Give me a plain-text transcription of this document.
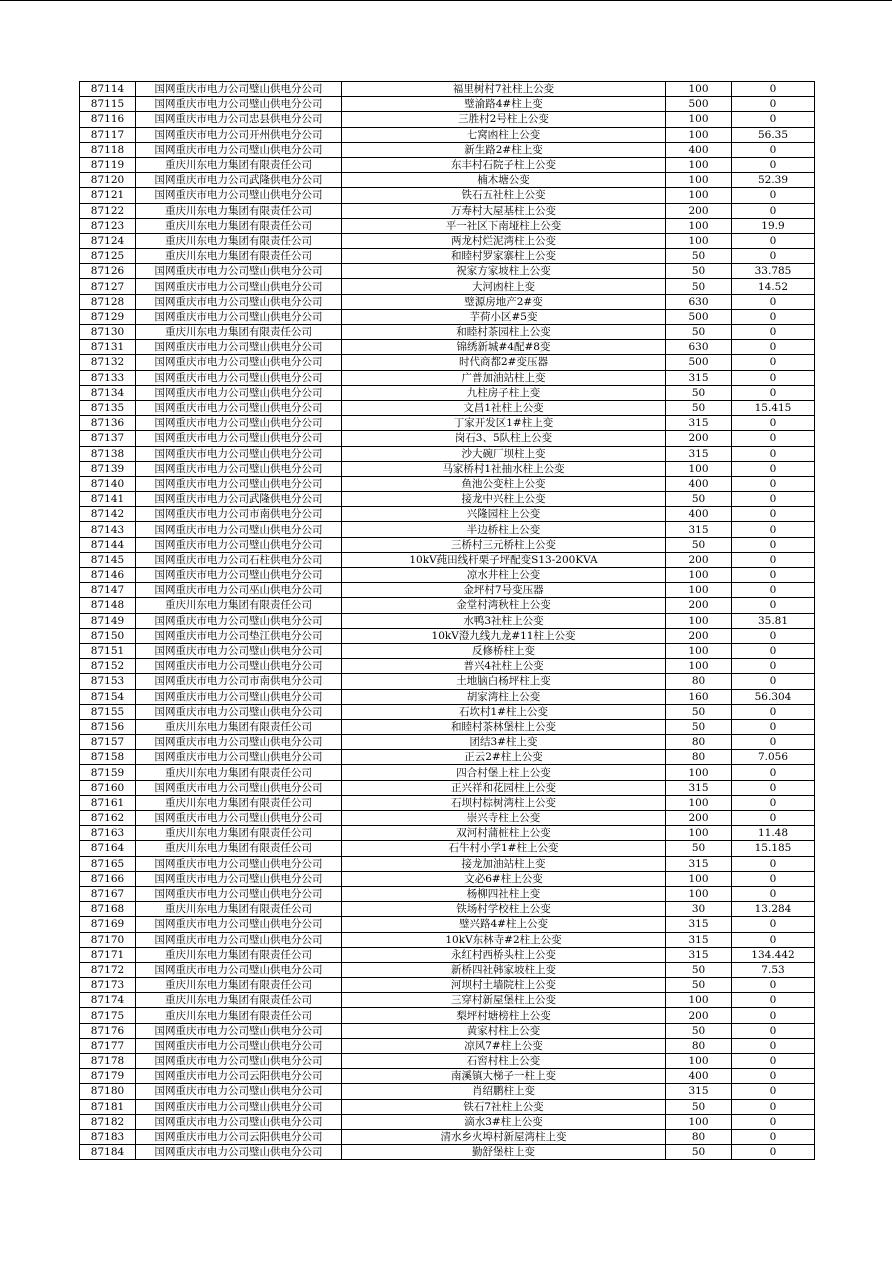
87114	国网重庆市电力公司璧山供电分公司	福里树村7社柱上公变	100	0
87115	国网重庆市电力公司璧山供电分公司	璧渝路4#柱上变	500	0
87116	国网重庆市电力公司忠县供电分公司	三胜村2号柱上公变	100	0
87117	国网重庆市电力公司开州供电分公司	七窝凼柱上公变	100	56.35
87118	国网重庆市电力公司璧山供电分公司	新生路2#柱上变	400	0
87119	重庆川东电力集团有限责任公司	东丰村石院子柱上公变	100	0
87120	国网重庆市电力公司武隆供电分公司	楠木塘公变	100	52.39
87121	国网重庆市电力公司璧山供电分公司	铁石五社柱上公变	100	0
87122	重庆川东电力集团有限责任公司	万寿村大屋基柱上公变	200	0
87123	重庆川东电力集团有限责任公司	平一社区下南垭柱上公变	100	19.9
87124	重庆川东电力集团有限责任公司	两龙村烂泥湾柱上公变	100	0
87125	重庆川东电力集团有限责任公司	和睦村罗家寨柱上公变	50	0
87126	国网重庆市电力公司璧山供电分公司	祝家方家坡柱上公变	50	33.785
87127	国网重庆市电力公司璧山供电分公司	大河凼柱上变	50	14.52
87128	国网重庆市电力公司璧山供电分公司	璧源房地产2#变	630	0
87129	国网重庆市电力公司璧山供电分公司	芋荷小区#5变	500	0
87130	重庆川东电力集团有限责任公司	和睦村茶园柱上公变	50	0
87131	国网重庆市电力公司璧山供电分公司	锦绣新城#4配#8变	630	0
87132	国网重庆市电力公司璧山供电分公司	时代商都2#变压器	500	0
87133	国网重庆市电力公司璧山供电分公司	广普加油站柱上变	315	0
87134	国网重庆市电力公司璧山供电分公司	九柱房子柱上变	50	0
87135	国网重庆市电力公司璧山供电分公司	文昌1社柱上公变	50	15.415
87136	国网重庆市电力公司璧山供电分公司	丁家开发区1#柱上变	315	0
87137	国网重庆市电力公司璧山供电分公司	岗石3、5队柱上公变	200	0
87138	国网重庆市电力公司璧山供电分公司	沙大碗厂坝柱上变	315	0
87139	国网重庆市电力公司璧山供电分公司	马家桥村1社抽水柱上公变	100	0
87140	国网重庆市电力公司璧山供电分公司	鱼池公变柱上公变	400	0
87141	国网重庆市电力公司武隆供电分公司	接龙中兴柱上公变	50	0
87142	国网重庆市电力公司市南供电分公司	兴隆园柱上公变	400	0
87143	国网重庆市电力公司璧山供电分公司	半边桥柱上公变	315	0
87144	国网重庆市电力公司璧山供电分公司	三桥村三元桥柱上公变	50	0
87145	国网重庆市电力公司石柱供电分公司	10kV莼田线杆栗子坪配变S13-200KVA	200	0
87146	国网重庆市电力公司璧山供电分公司	凉水井柱上公变	100	0
87147	国网重庆市电力公司巫山供电分公司	金坪村7号变压器	100	0
87148	重庆川东电力集团有限责任公司	金堂村湾秋柱上公变	200	0
87149	国网重庆市电力公司璧山供电分公司	水鸭3社柱上公变	100	35.81
87150	国网重庆市电力公司垫江供电分公司	10kV澄九线九龙#11柱上公变	200	0
87151	国网重庆市电力公司璧山供电分公司	反修桥柱上变	100	0
87152	国网重庆市电力公司璧山供电分公司	普兴4社柱上公变	100	0
87153	国网重庆市电力公司市南供电分公司	土地脑白杨坪柱上变	80	0
87154	国网重庆市电力公司璧山供电分公司	胡家湾柱上公变	160	56.304
87155	国网重庆市电力公司璧山供电分公司	石坎村1#柱上公变	50	0
87156	重庆川东电力集团有限责任公司	和睦村茶林堡柱上公变	50	0
87157	国网重庆市电力公司璧山供电分公司	团结3#柱上变	80	0
87158	国网重庆市电力公司璧山供电分公司	正云2#柱上公变	80	7.056
87159	重庆川东电力集团有限责任公司	四合村堡上柱上公变	100	0
87160	国网重庆市电力公司璧山供电分公司	正兴祥和花园柱上公变	315	0
87161	重庆川东电力集团有限责任公司	石坝村棕树湾柱上公变	100	0
87162	国网重庆市电力公司璧山供电分公司	崇兴寺柱上公变	200	0
87163	重庆川东电力集团有限责任公司	双河村蒲桩柱上公变	100	11.48
87164	重庆川东电力集团有限责任公司	石牛村小学1#柱上公变	50	15.185
87165	国网重庆市电力公司璧山供电分公司	接龙加油站柱上变	315	0
87166	国网重庆市电力公司璧山供电分公司	文必6#柱上公变	100	0
87167	国网重庆市电力公司璧山供电分公司	杨柳四社柱上变	100	0
87168	重庆川东电力集团有限责任公司	铁场村学校柱上公变	30	13.284
87169	国网重庆市电力公司璧山供电分公司	璧兴路4#柱上公变	315	0
87170	国网重庆市电力公司璧山供电分公司	10kV东林寺#2柱上公变	315	0
87171	重庆川东电力集团有限责任公司	永红村西桥头柱上公变	315	134.442
87172	国网重庆市电力公司璧山供电分公司	新桥四社韩家坡柱上变	50	7.53
87173	重庆川东电力集团有限责任公司	河坝村土墙院柱上公变	50	0
87174	重庆川东电力集团有限责任公司	三穿村新屋堡柱上公变	100	0
87175	重庆川东电力集团有限责任公司	梨坪村塘榜柱上公变	200	0
87176	国网重庆市电力公司璧山供电分公司	黄家村柱上公变	50	0
87177	国网重庆市电力公司璧山供电分公司	凉风7#柱上公变	80	0
87178	国网重庆市电力公司璧山供电分公司	石窖村柱上公变	100	0
87179	国网重庆市电力公司云阳供电分公司	南溪镇大梯子一柱上变	400	0
87180	国网重庆市电力公司璧山供电分公司	肖绍鹏柱上变	315	0
87181	国网重庆市电力公司璧山供电分公司	铁石7社柱上公变	50	0
87182	国网重庆市电力公司璧山供电分公司	滴水3#柱上公变	100	0
87183	国网重庆市电力公司云阳供电分公司	清水乡火埠村新屋湾柱上变	80	0
87184	国网重庆市电力公司璧山供电分公司	勤舒堡柱上变	50	0
